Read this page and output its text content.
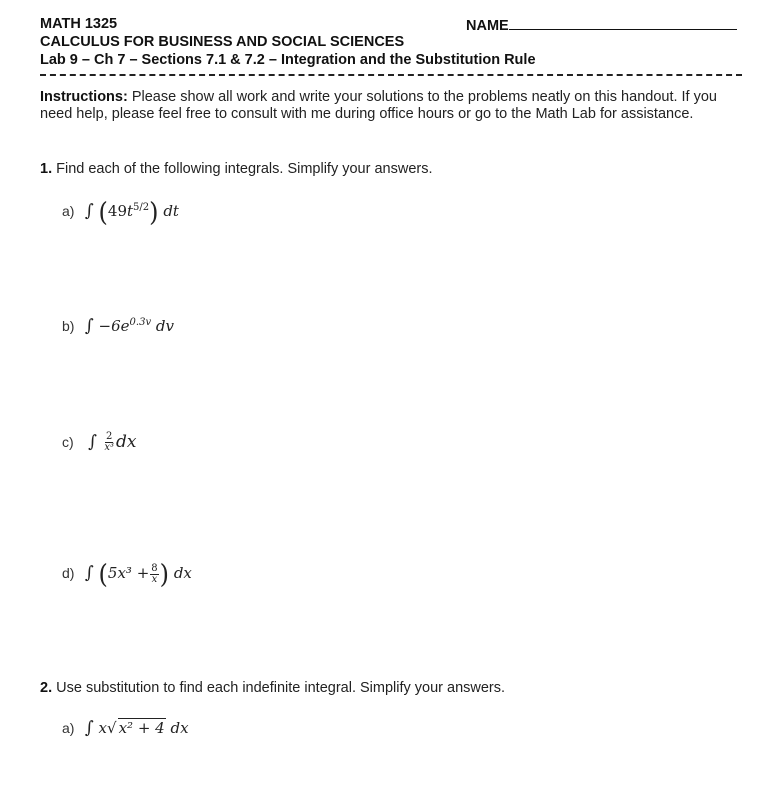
MATH 1325	NAME
CALCULUS FOR BUSINESS AND SOCIAL SCIENCES
Lab 9 – Ch 7 – Sections 7.1 & 7.2 – Integration and the Substitution Rule
Instructions: Please show all work and write your solutions to the problems neatly on this handout. If you need help, please feel free to consult with me during office hours or go to the Math Lab for assistance.
1. Find each of the following integrals. Simplify your answers.
a) ∫ $(49t^{5/2})$ dt
b) ∫ $-6e^{0.3v}$ dv
c) ∫ $\frac{2}{\text{x³}}$ dx
d) ∫ ($5x^3 + \frac{8}{x}$ ) dx
2. Use substitution to find each indefinite integral. Simplify your answers.
a) ∫ x√ x² + 4 dx
